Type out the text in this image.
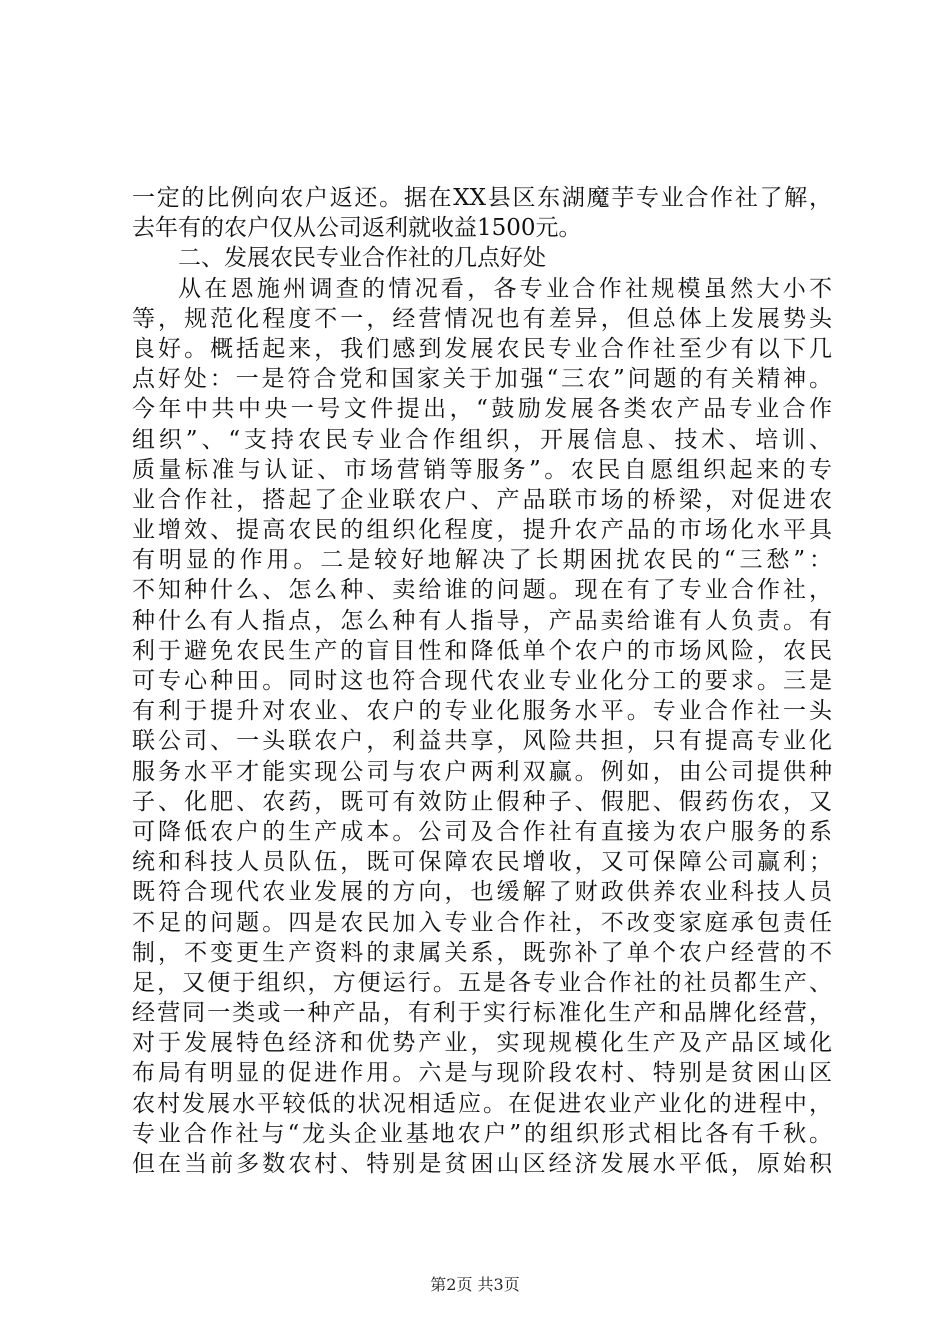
一定的比例向农户返还。据在XX县区东湖魔芋专业合作社了解，
去年有的农户仅从公司返利就收益1500元。
二、发展农民专业合作社的几点好处
从在恩施州调查的情况看，各专业合作社规模虽然大小不
等，规范化程度不一，经营情况也有差异，但总体上发展势头
良好。概括起来，我们感到发展农民专业合作社至少有以下几
点好处：一是符合党和国家关于加强“三农”问题的有关精神。
今年中共中央一号文件提出，“鼓励发展各类农产品专业合作
组织”、“支持农民专业合作组织，开展信息、技术、培训、
质量标准与认证、市场营销等服务”。农民自愿组织起来的专
业合作社，搭起了企业联农户、产品联市场的桥梁，对促进农
业增效、提高农民的组织化程度，提升农产品的市场化水平具
有明显的作用。二是较好地解决了长期困扰农民的“三愁”：
不知种什么、怎么种、卖给谁的问题。现在有了专业合作社，
种什么有人指点，怎么种有人指导，产品卖给谁有人负责。有
利于避免农民生产的盲目性和降低单个农户的市场风险，农民
可专心种田。同时这也符合现代农业专业化分工的要求。三是
有利于提升对农业、农户的专业化服务水平。专业合作社一头
联公司、一头联农户，利益共享，风险共担，只有提高专业化
服务水平才能实现公司与农户两利双赢。例如，由公司提供种
子、化肥、农药，既可有效防止假种子、假肥、假药伤农，又
可降低农户的生产成本。公司及合作社有直接为农户服务的系
统和科技人员队伍，既可保障农民增收，又可保障公司赢利；
既符合现代农业发展的方向，也缓解了财政供养农业科技人员
不足的问题。四是农民加入专业合作社，不改变家庭承包责任
制，不变更生产资料的隶属关系，既弥补了单个农户经营的不
足，又便于组织，方便运行。五是各专业合作社的社员都生产、
经营同一类或一种产品，有利于实行标准化生产和品牌化经营，
对于发展特色经济和优势产业，实现规模化生产及产品区域化
布局有明显的促进作用。六是与现阶段农村、特别是贫困山区
农村发展水平较低的状况相适应。在促进农业产业化的进程中，
专业合作社与“龙头企业基地农户”的组织形式相比各有千秋。
但在当前多数农村、特别是贫困山区经济发展水平低，原始积
第2页 共3页
